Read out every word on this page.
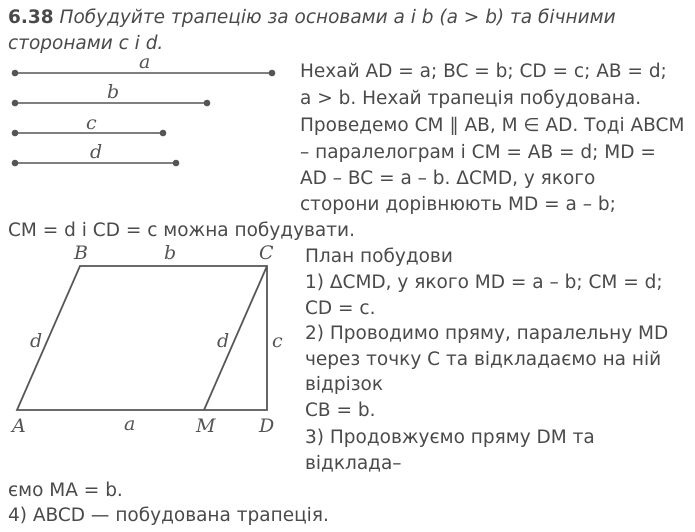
6.38 Побудуйте трапецію за основами a і b (a > b) та бічними
сторонами c і d.
a
b
c
d
Нехай AD = a; BC = b; CD = c; AB = d;
a > b. Нехай трапеція побудована.
Проведемо CM ∥ AB, M ∈ AD. Тоді ABCM
– паралелограм і CM = AB = d; MD =
AD – BC = a – b. ΔCMD, у якого
сторони дорівнюють MD = a – b;
CM = d і CD = c можна побудувати.
B	C
A	M D
b
d	d c
a
План побудови
1) ΔCMD, у якого MD = a – b; CM = d;
CD = c.
2) Проводимо пряму, паралельну MD
через точку C та відкладаємо на ній
відрізок
CB = b.
3) Продовжуємо пряму DM та
відклада–
ємо MA = b.
4) ABCD — побудована трапеція.
